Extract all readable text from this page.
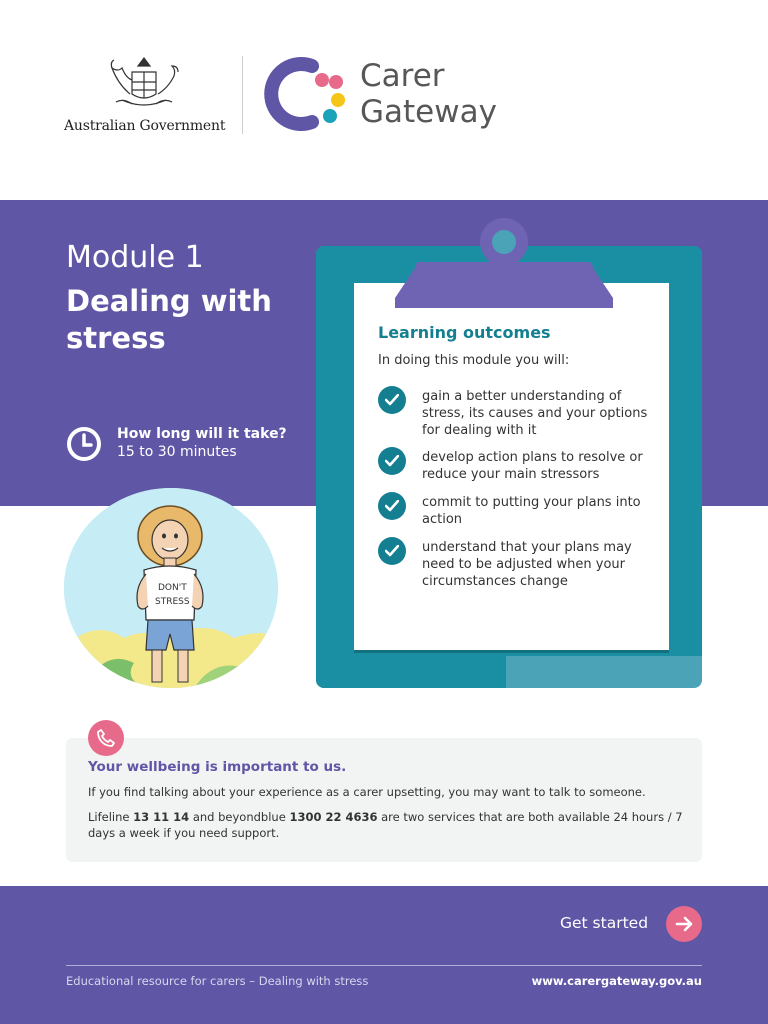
Australian Government
Carer
Gateway
Module 1
Dealing with stress
How long will it take?
15 to 30 minutes
DON'T
STRESS
Learning outcomes
In doing this module you will:
gain a better understanding of stress, its causes and your options for dealing with it
develop action plans to resolve or reduce your main stressors
commit to putting your plans into action
understand that your plans may need to be adjusted when your circumstances change
Your wellbeing is important to us.
If you find talking about your experience as a carer upsetting, you may want to talk to someone.
Lifeline 13 11 14 and beyondblue 1300 22 4636 are two services that are both available 24 hours / 7 days a week if you need support.
Get started
Educational resource for carers – Dealing with stress	www.carergateway.gov.au
